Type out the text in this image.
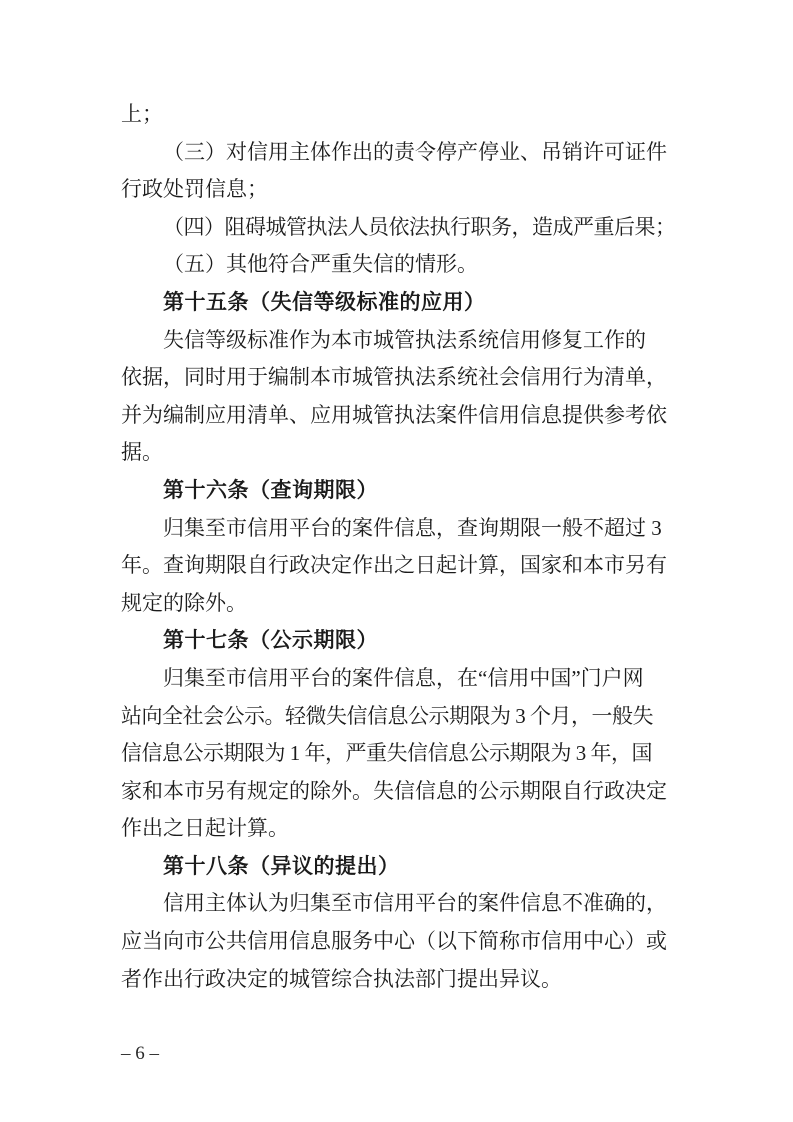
上；
（三）对信用主体作出的责令停产停业、吊销许可证件
行政处罚信息；
（四）阻碍城管执法人员依法执行职务，造成严重后果；
（五）其他符合严重失信的情形。
第十五条（失信等级标准的应用）
失信等级标准作为本市城管执法系统信用修复工作的
依据，同时用于编制本市城管执法系统社会信用行为清单，
并为编制应用清单、应用城管执法案件信用信息提供参考依
据。
第十六条（查询期限）
归集至市信用平台的案件信息，查询期限一般不超过 3
年。查询期限自行政决定作出之日起计算，国家和本市另有
规定的除外。
第十七条（公示期限）
归集至市信用平台的案件信息，在“信用中国”门户网
站向全社会公示。轻微失信信息公示期限为 3 个月，一般失
信信息公示期限为 1 年，严重失信信息公示期限为 3 年，国
家和本市另有规定的除外。失信信息的公示期限自行政决定
作出之日起计算。
第十八条（异议的提出）
信用主体认为归集至市信用平台的案件信息不准确的，
应当向市公共信用信息服务中心（以下简称市信用中心）或
者作出行政决定的城管综合执法部门提出异议。
– 6 –
